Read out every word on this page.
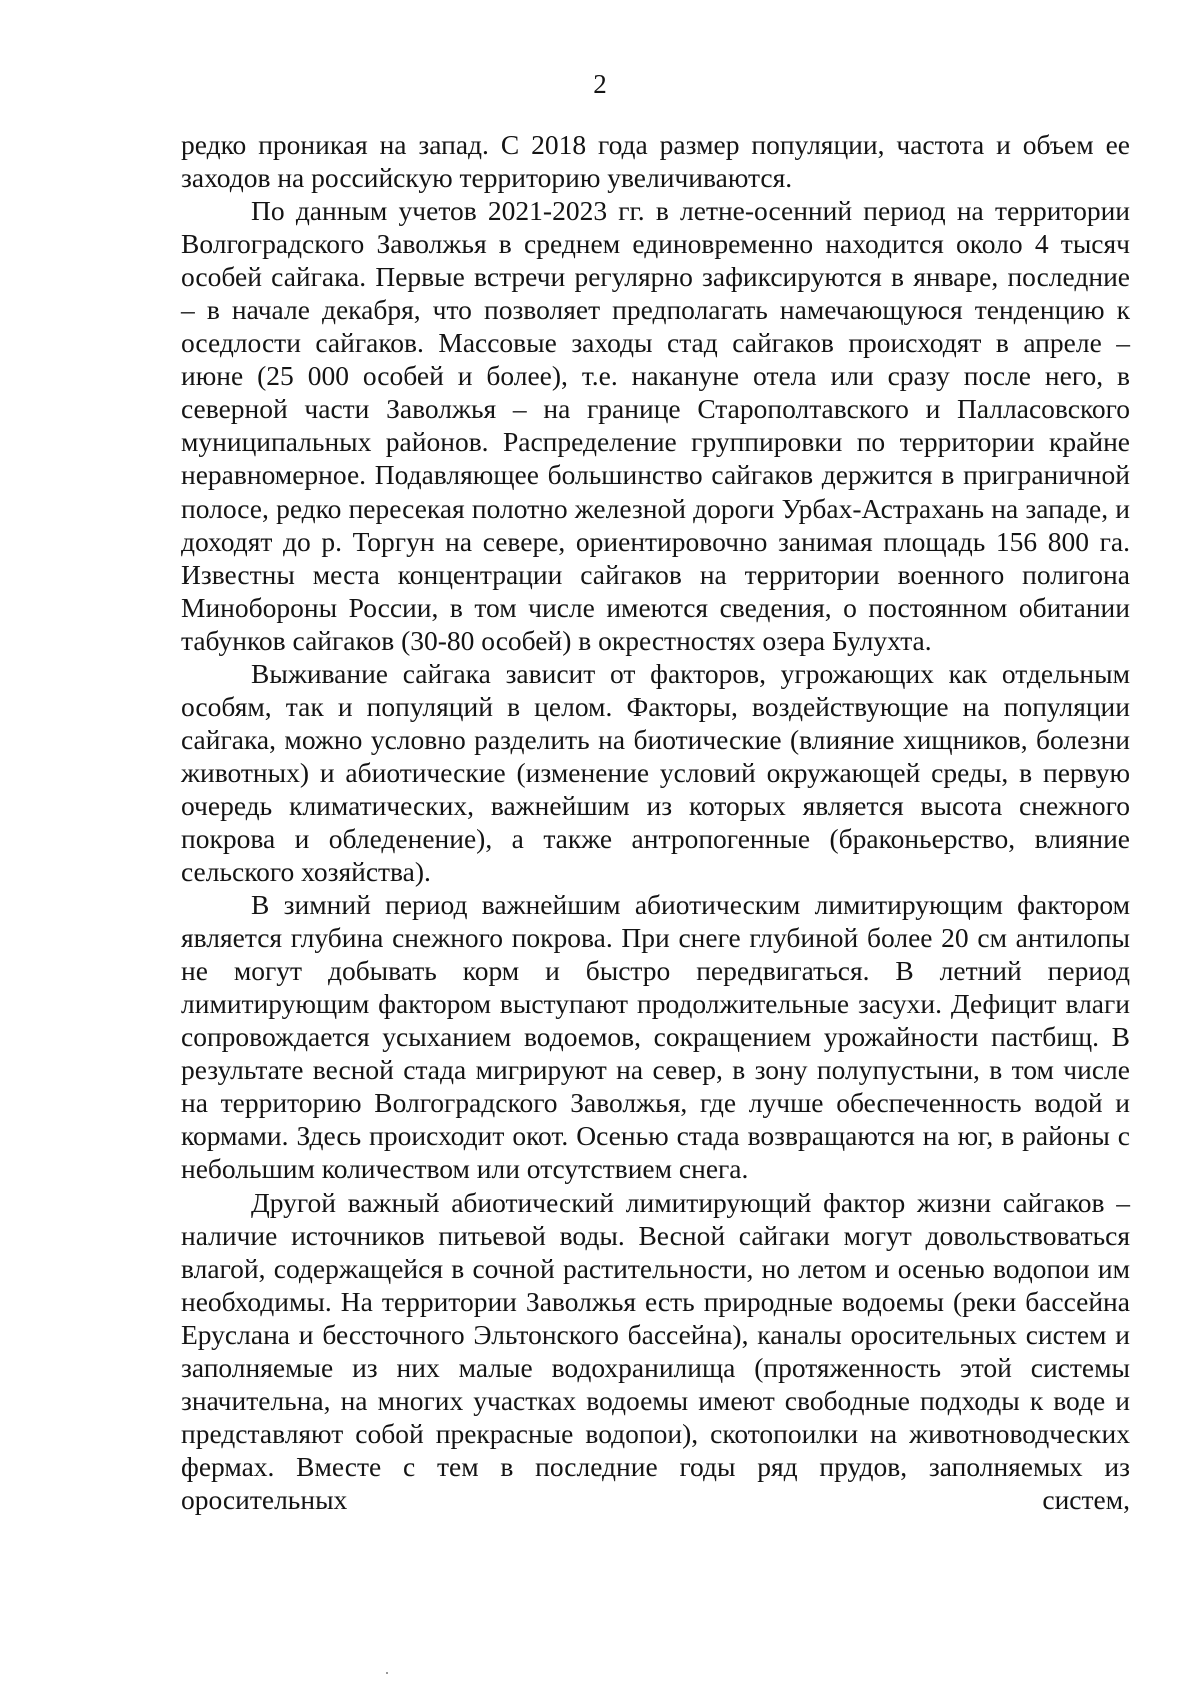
2

редко проникая на запад. С 2018 года размер популяции, частота и объем ее заходов на российскую территорию увеличиваются.

По данным учетов 2021-2023 гг. в летне-осенний период на территории Волгоградского Заволжья в среднем единовременно находится около 4 тысяч особей сайгака. Первые встречи регулярно зафиксируются в январе, последние – в начале декабря, что позволяет предполагать намечающуюся тенденцию к оседлости сайгаков. Массовые заходы стад сайгаков происходят в апреле – июне (25 000 особей и более), т.е. накануне отела или сразу после него, в северной части Заволжья – на границе Старополтавского и Палласовского муниципальных районов. Распределение группировки по территории крайне неравномерное. Подавляющее большинство сайгаков держится в приграничной полосе, редко пересекая полотно железной дороги Урбах-Астрахань на западе, и доходят до р. Торгун на севере, ориентировочно занимая площадь 156 800 га. Известны места концентрации сайгаков на территории военного полигона Минобороны России, в том числе имеются сведения, о постоянном обитании табунков сайгаков (30-80 особей) в окрестностях озера Булухта.

Выживание сайгака зависит от факторов, угрожающих как отдельным особям, так и популяций в целом. Факторы, воздействующие на популяции сайгака, можно условно разделить на биотические (влияние хищников, болезни животных) и абиотические (изменение условий окружающей среды, в первую очередь климатических, важнейшим из которых является высота снежного покрова и обледенение), а также антропогенные (браконьерство, влияние сельского хозяйства).

В зимний период важнейшим абиотическим лимитирующим фактором является глубина снежного покрова. При снеге глубиной более 20 см антилопы не могут добывать корм и быстро передвигаться. В летний период лимитирующим фактором выступают продолжительные засухи. Дефицит влаги сопровождается усыханием водоемов, сокращением урожайности пастбищ. В результате весной стада мигрируют на север, в зону полупустыни, в том числе на территорию Волгоградского Заволжья, где лучше обеспеченность водой и кормами. Здесь происходит окот. Осенью стада возвращаются на юг, в районы с небольшим количеством или отсутствием снега.

Другой важный абиотический лимитирующий фактор жизни сайгаков – наличие источников питьевой воды. Весной сайгаки могут довольствоваться влагой, содержащейся в сочной растительности, но летом и осенью водопои им необходимы. На территории Заволжья есть природные водоемы (реки бассейна Еруслана и бессточного Эльтонского бассейна), каналы оросительных систем и заполняемые из них малые водохранилища (протяженность этой системы значительна, на многих участках водоемы имеют свободные подходы к воде и представляют собой прекрасные водопои), скотопоилки на животноводческих фермах. Вместе с тем в последние годы ряд прудов, заполняемых из оросительных систем,
